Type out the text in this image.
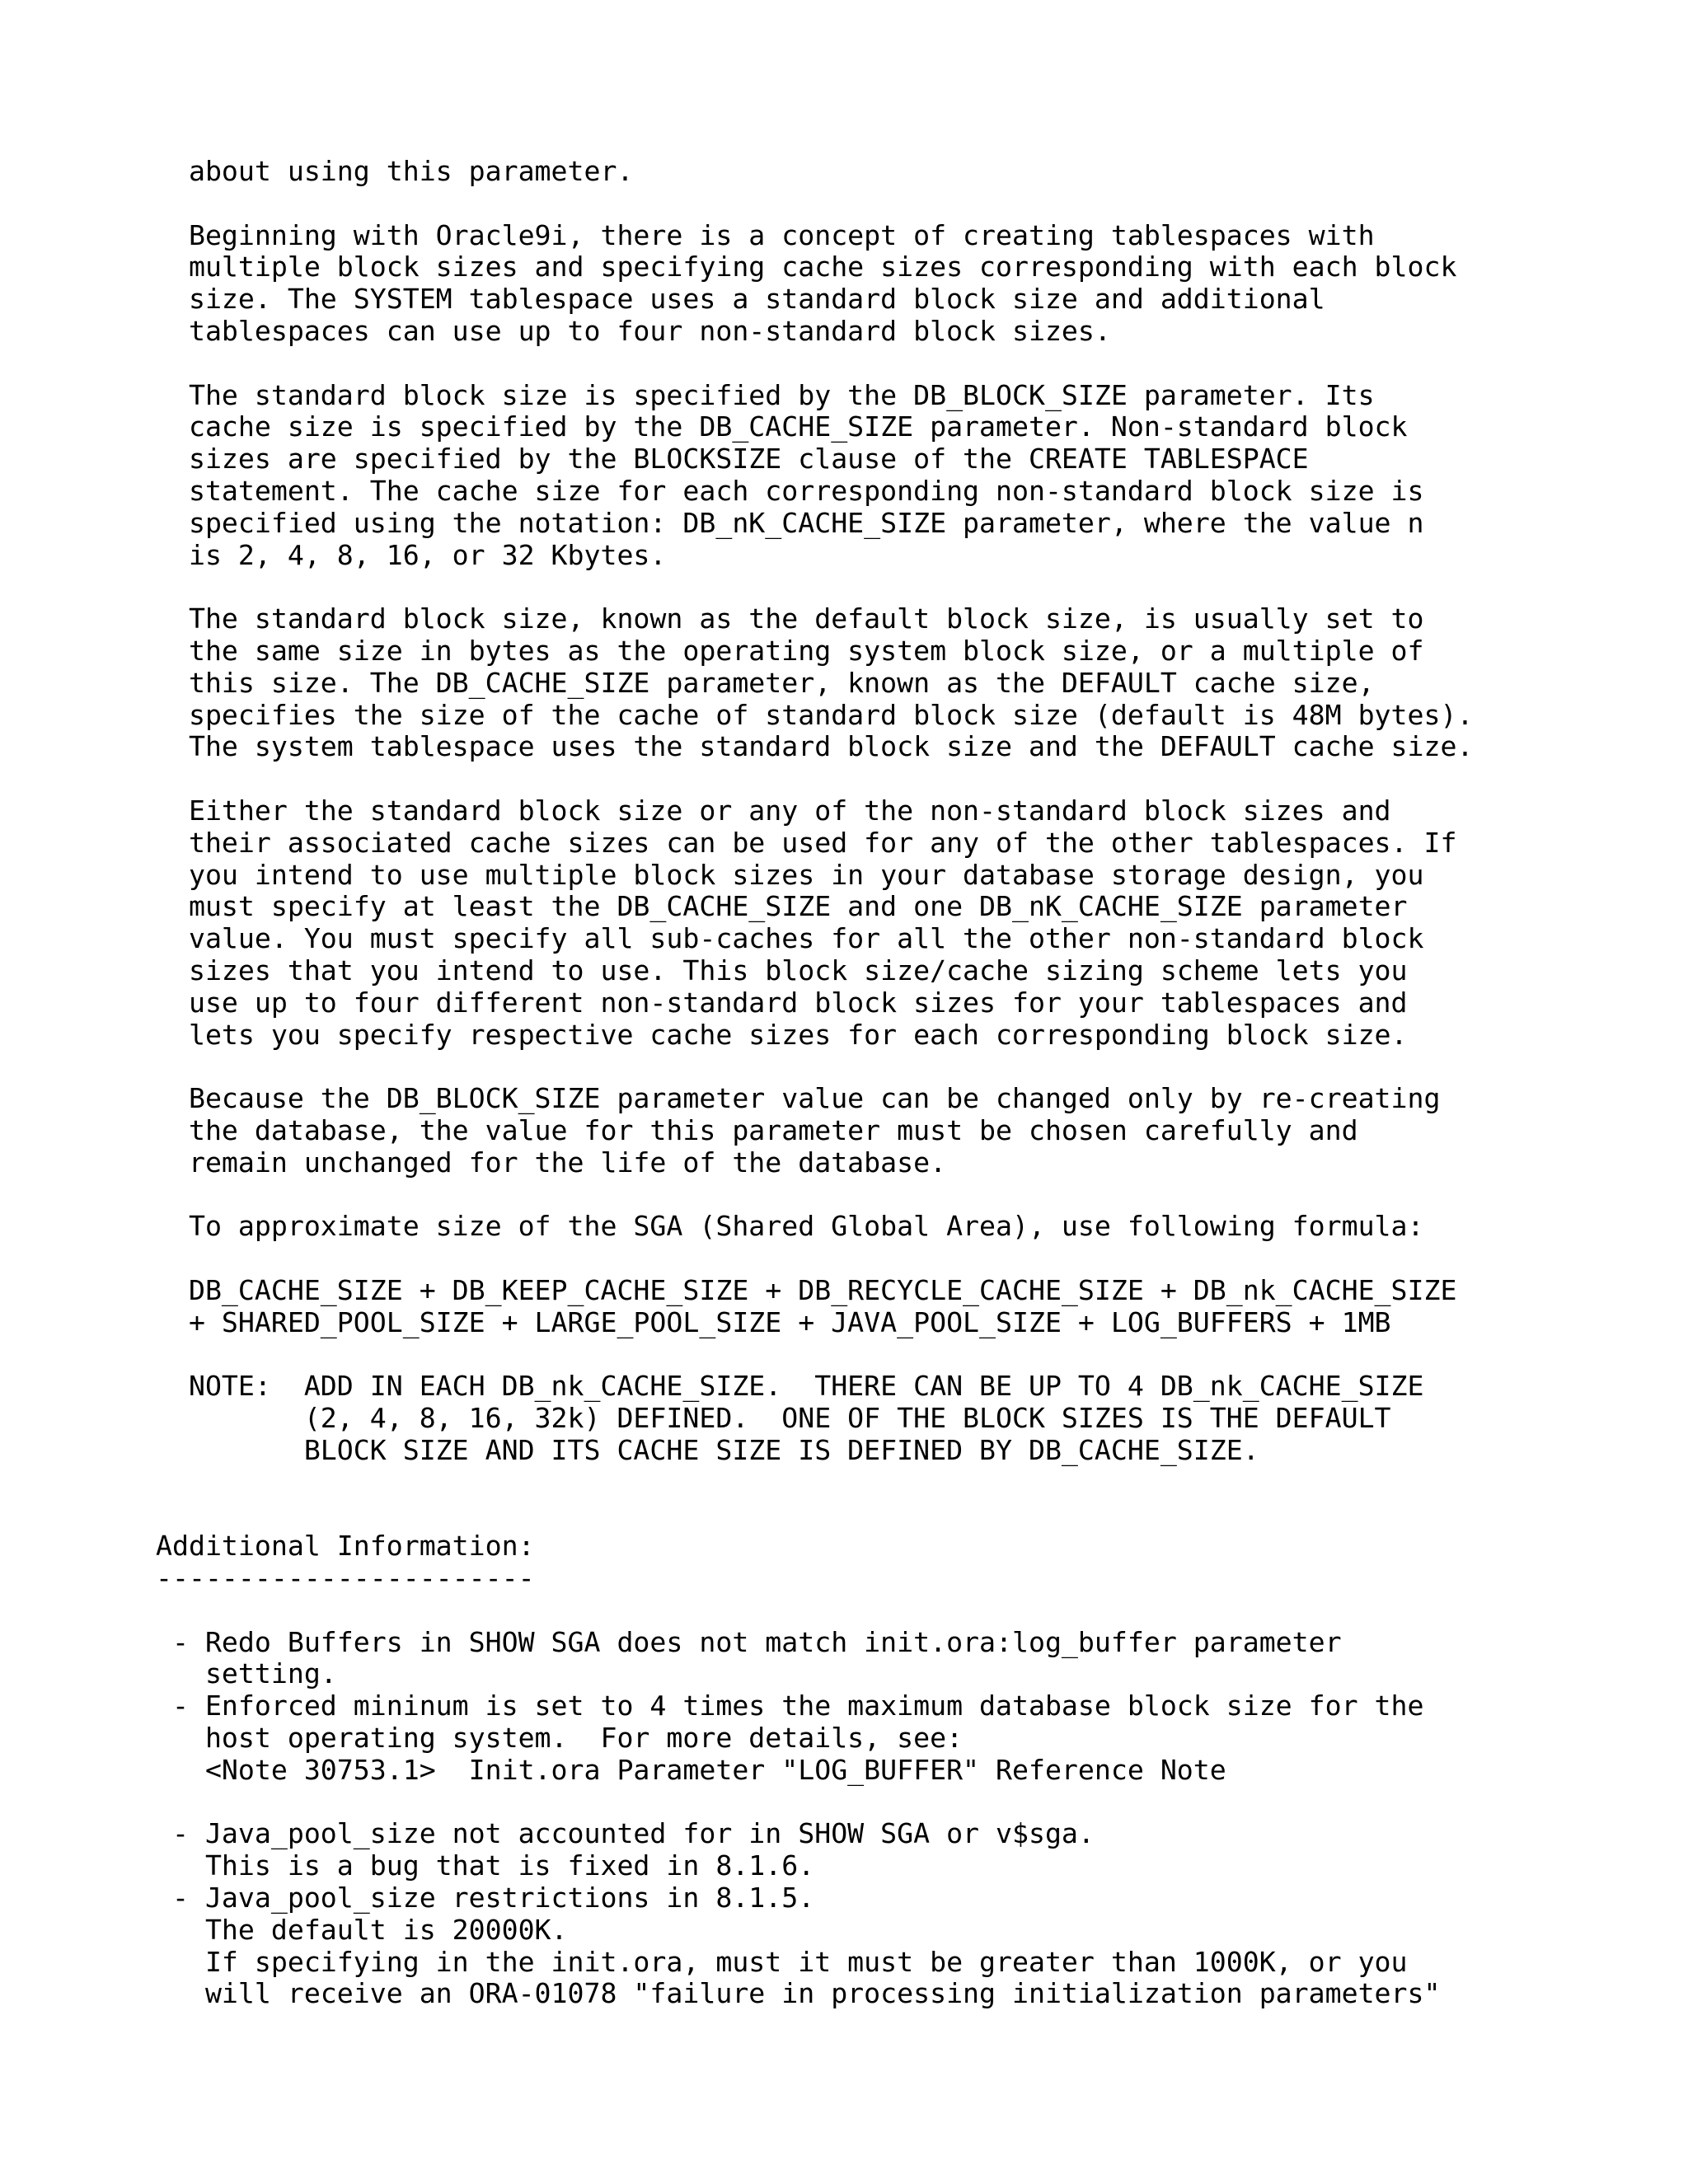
about using this parameter.

Beginning with Oracle9i, there is a concept of creating tablespaces with
multiple block sizes and specifying cache sizes corresponding with each block
size. The SYSTEM tablespace uses a standard block size and additional
tablespaces can use up to four non-standard block sizes.

The standard block size is specified by the DB_BLOCK_SIZE parameter. Its
cache size is specified by the DB_CACHE_SIZE parameter. Non-standard block
sizes are specified by the BLOCKSIZE clause of the CREATE TABLESPACE
statement. The cache size for each corresponding non-standard block size is
specified using the notation: DB_nK_CACHE_SIZE parameter, where the value n
is 2, 4, 8, 16, or 32 Kbytes.

The standard block size, known as the default block size, is usually set to
the same size in bytes as the operating system block size, or a multiple of
this size. The DB_CACHE_SIZE parameter, known as the DEFAULT cache size,
specifies the size of the cache of standard block size (default is 48M bytes).
The system tablespace uses the standard block size and the DEFAULT cache size.

Either the standard block size or any of the non-standard block sizes and
their associated cache sizes can be used for any of the other tablespaces. If
you intend to use multiple block sizes in your database storage design, you
must specify at least the DB_CACHE_SIZE and one DB_nK_CACHE_SIZE parameter
value. You must specify all sub-caches for all the other non-standard block
sizes that you intend to use. This block size/cache sizing scheme lets you
use up to four different non-standard block sizes for your tablespaces and
lets you specify respective cache sizes for each corresponding block size.

Because the DB_BLOCK_SIZE parameter value can be changed only by re-creating
the database, the value for this parameter must be chosen carefully and
remain unchanged for the life of the database.

To approximate size of the SGA (Shared Global Area), use following formula:

DB_CACHE_SIZE + DB_KEEP_CACHE_SIZE + DB_RECYCLE_CACHE_SIZE + DB_nk_CACHE_SIZE
+ SHARED_POOL_SIZE + LARGE_POOL_SIZE + JAVA_POOL_SIZE + LOG_BUFFERS + 1MB

NOTE:  ADD IN EACH DB_nk_CACHE_SIZE.  THERE CAN BE UP TO 4 DB_nk_CACHE_SIZE
(2, 4, 8, 16, 32k) DEFINED.  ONE OF THE BLOCK SIZES IS THE DEFAULT
BLOCK SIZE AND ITS CACHE SIZE IS DEFINED BY DB_CACHE_SIZE.

Additional Information:
-----------------------

- Redo Buffers in SHOW SGA does not match init.ora:log_buffer parameter
setting.
- Enforced mininum is set to 4 times the maximum database block size for the
host operating system.  For more details, see:
<Note 30753.1>  Init.ora Parameter "LOG_BUFFER" Reference Note

- Java_pool_size not accounted for in SHOW SGA or v$sga.
This is a bug that is fixed in 8.1.6.
- Java_pool_size restrictions in 8.1.5.
The default is 20000K.
If specifying in the init.ora, must it must be greater than 1000K, or you
will receive an ORA-01078 "failure in processing initialization parameters"
